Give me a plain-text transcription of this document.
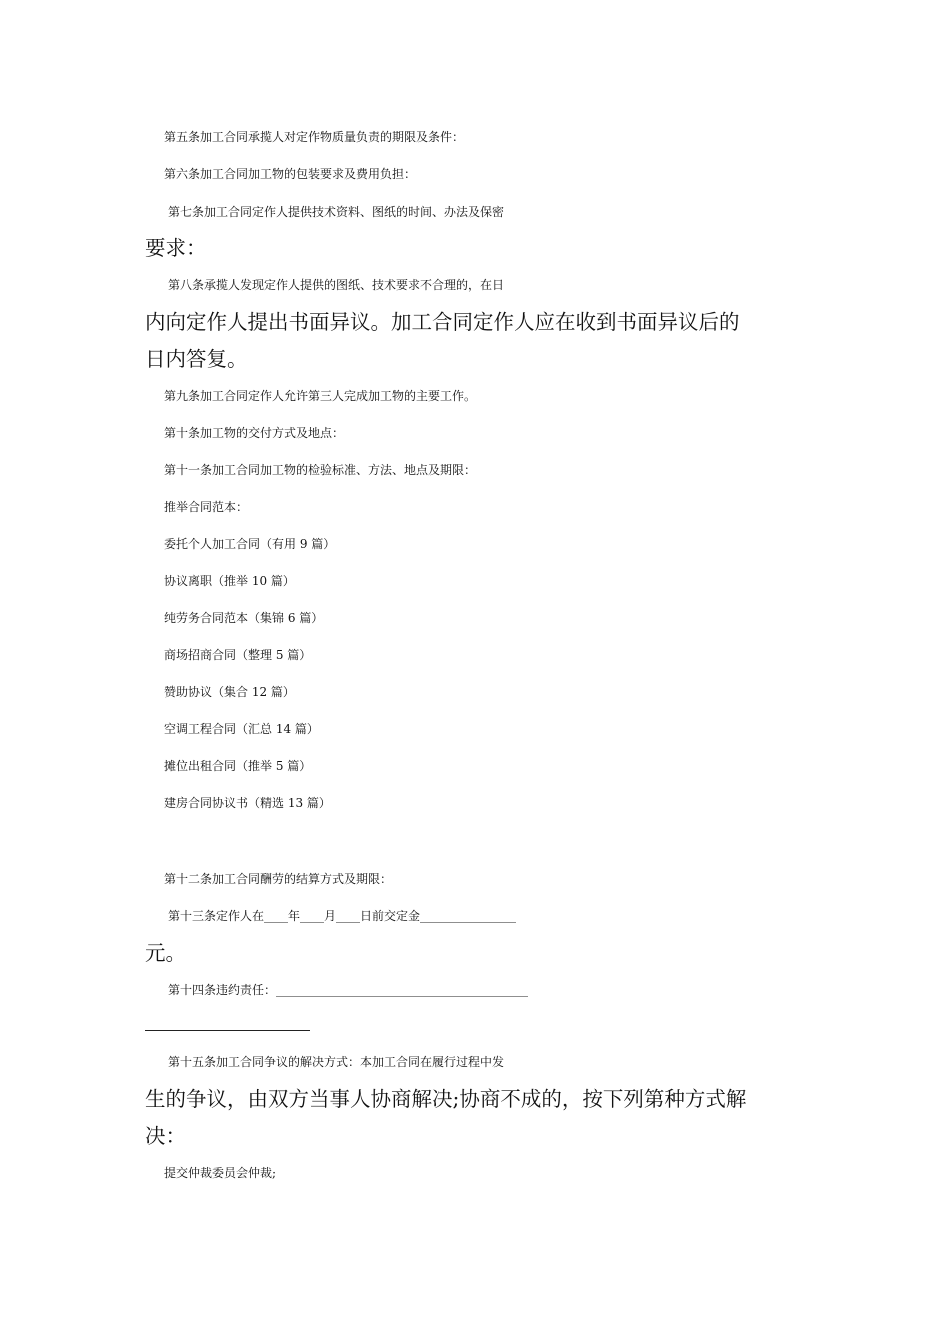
第五条加工合同承揽人对定作物质量负责的期限及条件：
第六条加工合同加工物的包装要求及费用负担：
第七条加工合同定作人提供技术资料、图纸的时间、办法及保密
要求：
第八条承揽人发现定作人提供的图纸、技术要求不合理的，在日
内向定作人提出书面异议。加工合同定作人应在收到书面异议后的
日内答复。
第九条加工合同定作人允许第三人完成加工物的主要工作。
第十条加工物的交付方式及地点：
第十一条加工合同加工物的检验标准、方法、地点及期限：
推举合同范本：
委托个人加工合同（有用 9 篇）
协议离职（推举 10 篇）
纯劳务合同范本（集锦 6 篇）
商场招商合同（整理 5 篇）
赞助协议（集合 12 篇）
空调工程合同（汇总 14 篇）
摊位出租合同（推举 5 篇）
建房合同协议书（精选 13 篇）
第十二条加工合同酬劳的结算方式及期限：
第十三条定作人在____年____月____日前交定金________________
元。
第十四条违约责任：__________________________________________
第十五条加工合同争议的解决方式：本加工合同在履行过程中发
生的争议，由双方当事人协商解决;协商不成的，按下列第种方式解
决：
提交仲裁委员会仲裁;
